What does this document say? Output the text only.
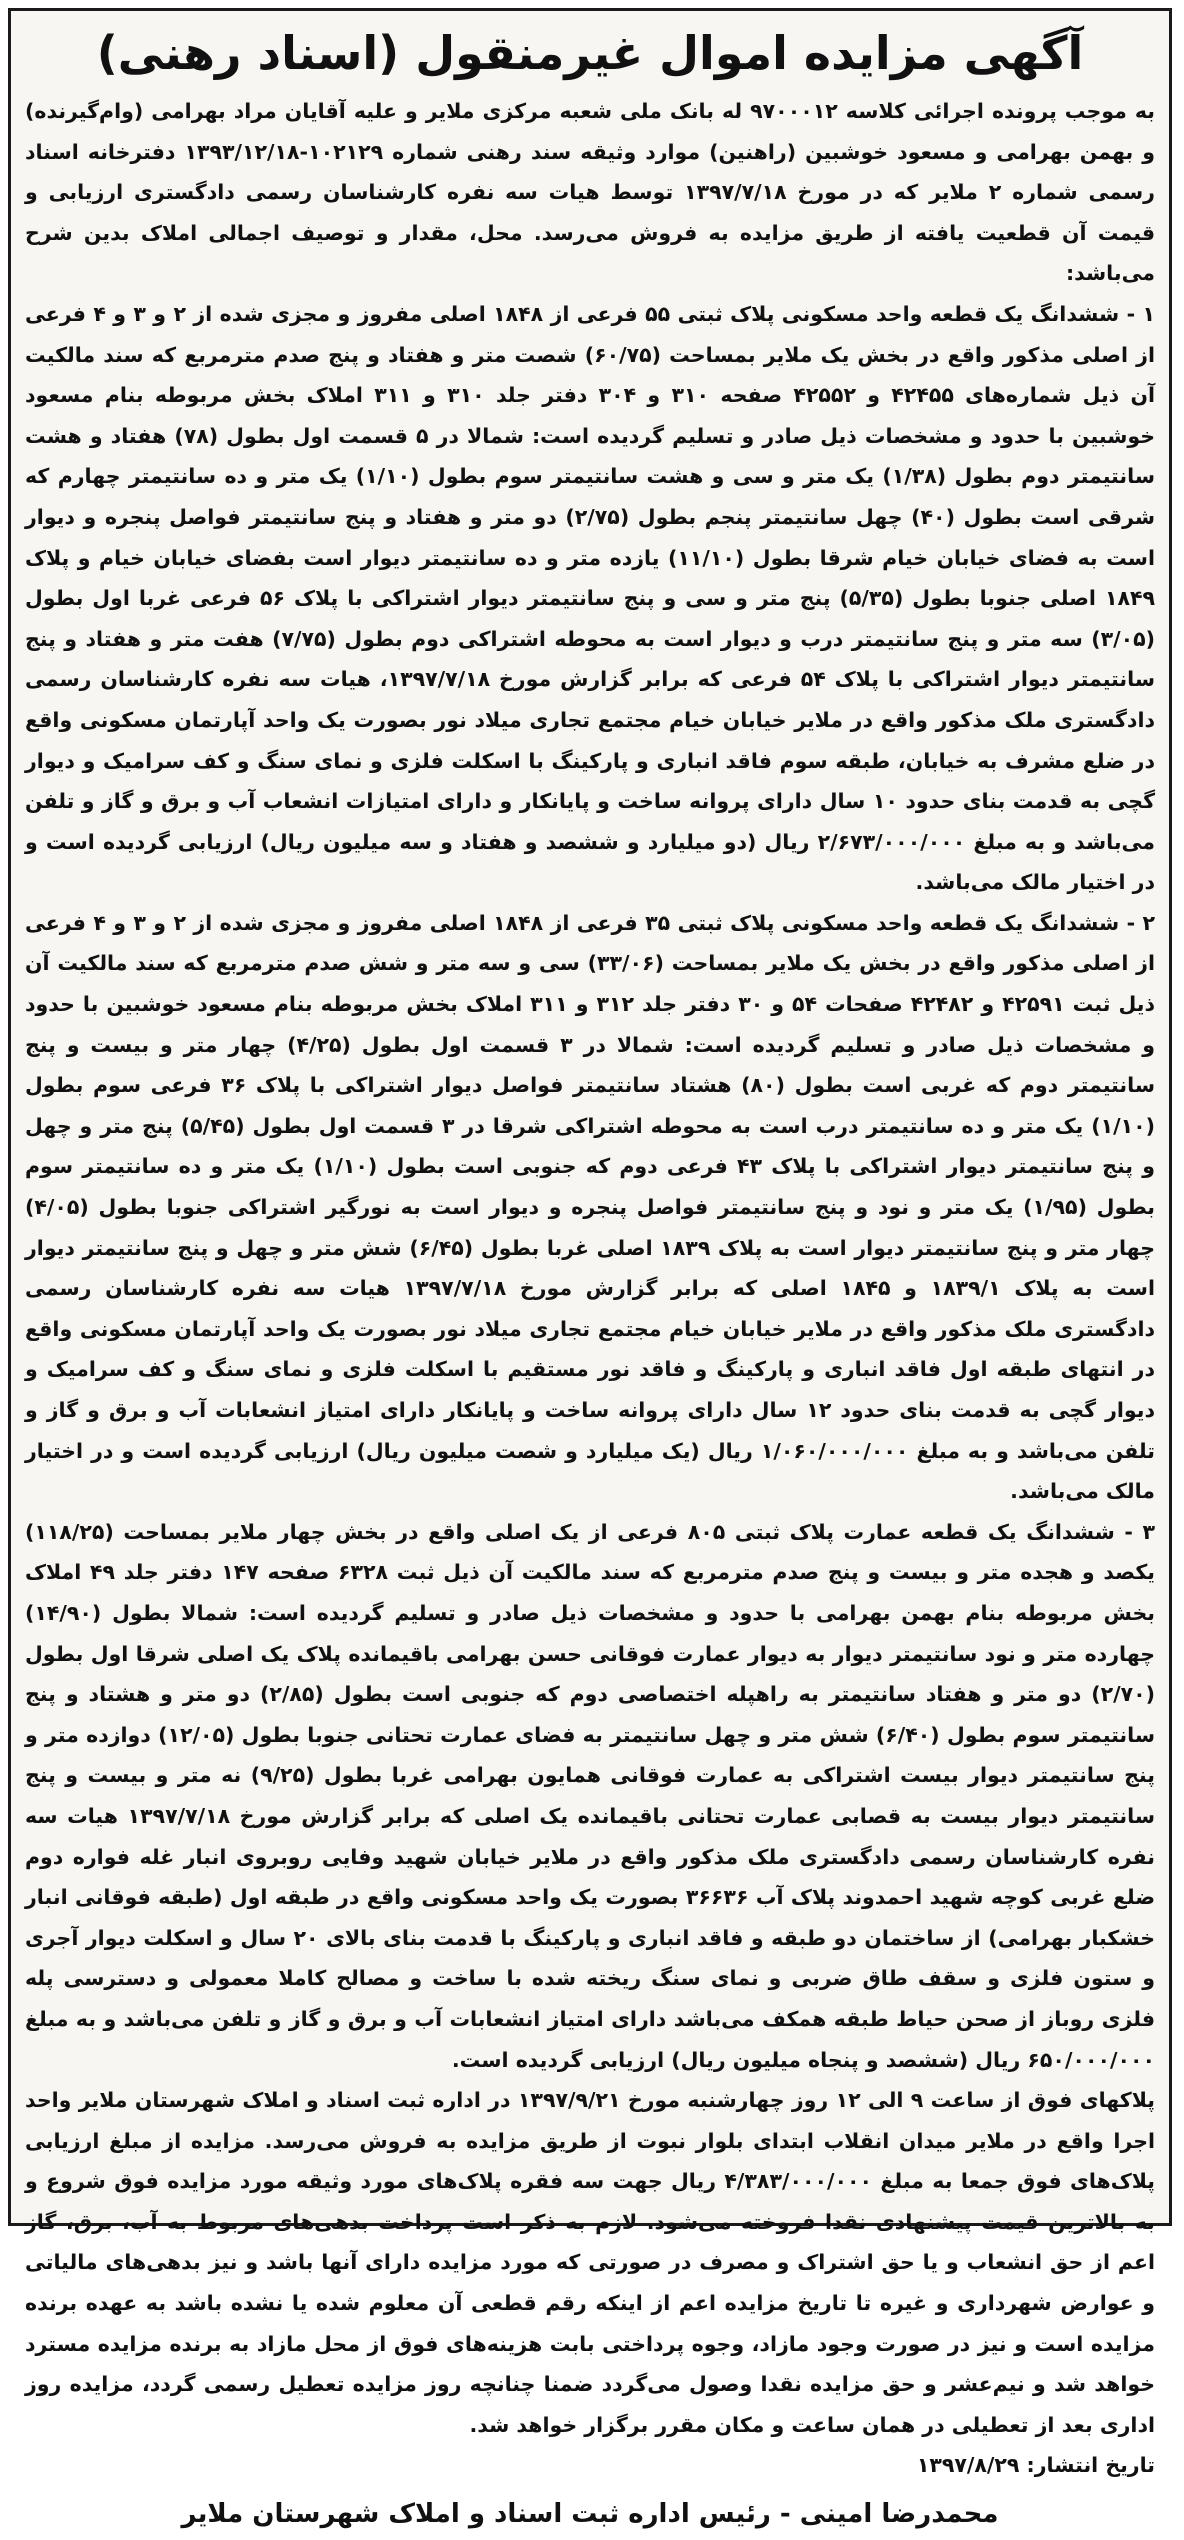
آگهی مزایده اموال غیرمنقول (اسناد رهنی)

به موجب پرونده اجرائی کلاسه ۹۷۰۰۰۱۲ له بانک ملی شعبه مرکزی ملایر و علیه آقایان مراد بهرامی (وام‌گیرنده) و بهمن بهرامی و مسعود خوشبین (راهنین) موارد وثیقه سند رهنی شماره ۱۰۲۱۲۹-۱۳۹۳/۱۲/۱۸ دفترخانه اسناد رسمی شماره ۲ ملایر که در مورخ ۱۳۹۷/۷/۱۸ توسط هیات سه نفره کارشناسان رسمی دادگستری ارزیابی و قیمت آن قطعیت یافته از طریق مزایده به فروش می‌رسد. محل، مقدار و توصیف اجمالی املاک بدین شرح می‌باشد:

۱ - ششدانگ یک قطعه واحد مسکونی پلاک ثبتی ۵۵ فرعی از ۱۸۴۸ اصلی مفروز و مجزی شده از ۲ و ۳ و ۴ فرعی از اصلی مذکور واقع در بخش یک ملایر بمساحت (۶۰/۷۵) شصت متر و هفتاد و پنج صدم مترمربع که سند مالکیت آن ذیل شماره‌های ۴۲۴۵۵ و ۴۲۵۵۲ صفحه ۳۱۰ و ۳۰۴ دفتر جلد ۳۱۰ و ۳۱۱ املاک بخش مربوطه بنام مسعود خوشبین با حدود و مشخصات ذیل صادر و تسلیم گردیده است: شمالا در ۵ قسمت اول بطول (۷۸) هفتاد و هشت سانتیمتر دوم بطول (۱/۳۸) یک متر و سی و هشت سانتیمتر سوم بطول (۱/۱۰) یک متر و ده سانتیمتر چهارم که شرقی است بطول (۴۰) چهل سانتیمتر پنجم بطول (۲/۷۵) دو متر و هفتاد و پنج سانتیمتر فواصل پنجره و دیوار است به فضای خیابان خیام شرقا بطول (۱۱/۱۰) یازده متر و ده سانتیمتر دیوار است بفضای خیابان خیام و پلاک ۱۸۴۹ اصلی جنوبا بطول (۵/۳۵) پنج متر و سی و پنج سانتیمتر دیوار اشتراکی با پلاک ۵۶ فرعی غربا اول بطول (۳/۰۵) سه متر و پنج سانتیمتر درب و دیوار است به محوطه اشتراکی دوم بطول (۷/۷۵) هفت متر و هفتاد و پنج سانتیمتر دیوار اشتراکی با پلاک ۵۴ فرعی که برابر گزارش مورخ ۱۳۹۷/۷/۱۸، هیات سه نفره کارشناسان رسمی دادگستری ملک مذکور واقع در ملایر خیابان خیام مجتمع تجاری میلاد نور بصورت یک واحد آپارتمان مسکونی واقع در ضلع مشرف به خیابان، طبقه سوم فاقد انباری و پارکینگ با اسکلت فلزی و نمای سنگ و کف سرامیک و دیوار گچی به قدمت بنای حدود ۱۰ سال دارای پروانه ساخت و پایانکار و دارای امتیازات انشعاب آب و برق و گاز و تلفن می‌باشد و به مبلغ ۲/۶۷۳/۰۰۰/۰۰۰ ریال (دو میلیارد و ششصد و هفتاد و سه میلیون ریال) ارزیابی گردیده است و در اختیار مالک می‌باشد.

۲ - ششدانگ یک قطعه واحد مسکونی پلاک ثبتی ۳۵ فرعی از ۱۸۴۸ اصلی مفروز و مجزی شده از ۲ و ۳ و ۴ فرعی از اصلی مذکور واقع در بخش یک ملایر بمساحت (۳۳/۰۶) سی و سه متر و شش صدم مترمربع که سند مالکیت آن ذیل ثبت ۴۲۵۹۱ و ۴۲۴۸۲ صفحات ۵۴ و ۳۰ دفتر جلد ۳۱۲ و ۳۱۱ املاک بخش مربوطه بنام مسعود خوشبین با حدود و مشخصات ذیل صادر و تسلیم گردیده است: شمالا در ۳ قسمت اول بطول (۴/۲۵) چهار متر و بیست و پنج سانتیمتر دوم که غربی است بطول (۸۰) هشتاد سانتیمتر فواصل دیوار اشتراکی با پلاک ۳۶ فرعی سوم بطول (۱/۱۰) یک متر و ده سانتیمتر درب است به محوطه اشتراکی شرقا در ۳ قسمت اول بطول (۵/۴۵) پنج متر و چهل و پنج سانتیمتر دیوار اشتراکی با پلاک ۴۳ فرعی دوم که جنوبی است بطول (۱/۱۰) یک متر و ده سانتیمتر سوم بطول (۱/۹۵) یک متر و نود و پنج سانتیمتر فواصل پنجره و دیوار است به نورگیر اشتراکی جنوبا بطول (۴/۰۵) چهار متر و پنج سانتیمتر دیوار است به پلاک ۱۸۳۹ اصلی غربا بطول (۶/۴۵) شش متر و چهل و پنج سانتیمتر دیوار است به پلاک ۱۸۳۹/۱ و ۱۸۴۵ اصلی که برابر گزارش مورخ ۱۳۹۷/۷/۱۸ هیات سه نفره کارشناسان رسمی دادگستری ملک مذکور واقع در ملایر خیابان خیام مجتمع تجاری میلاد نور بصورت یک واحد آپارتمان مسکونی واقع در انتهای طبقه اول فاقد انباری و پارکینگ و فاقد نور مستقیم با اسکلت فلزی و نمای سنگ و کف سرامیک و دیوار گچی به قدمت بنای حدود ۱۲ سال دارای پروانه ساخت و پایانکار دارای امتیاز انشعابات آب و برق و گاز و تلفن می‌باشد و به مبلغ ۱/۰۶۰/۰۰۰/۰۰۰ ریال (یک میلیارد و شصت میلیون ریال) ارزیابی گردیده است و در اختیار مالک می‌باشد.

۳ - ششدانگ یک قطعه عمارت پلاک ثبتی ۸۰۵ فرعی از یک اصلی واقع در بخش چهار ملایر بمساحت (۱۱۸/۲۵) یکصد و هجده متر و بیست و پنج صدم مترمربع که سند مالکیت آن ذیل ثبت ۶۳۲۸ صفحه ۱۴۷ دفتر جلد ۴۹ املاک بخش مربوطه بنام بهمن بهرامی با حدود و مشخصات ذیل صادر و تسلیم گردیده است: شمالا بطول (۱۴/۹۰) چهارده متر و نود سانتیمتر دیوار به دیوار عمارت فوقانی حسن بهرامی باقیمانده پلاک یک اصلی شرقا اول بطول (۲/۷۰) دو متر و هفتاد سانتیمتر به راهپله اختصاصی دوم که جنوبی است بطول (۲/۸۵) دو متر و هشتاد و پنج سانتیمتر سوم بطول (۶/۴۰) شش متر و چهل سانتیمتر به فضای عمارت تحتانی جنوبا بطول (۱۲/۰۵) دوازده متر و پنج سانتیمتر دیوار بیست اشتراکی به عمارت فوقانی همایون بهرامی غربا بطول (۹/۲۵) نه متر و بیست و پنج سانتیمتر دیوار بیست به قصابی عمارت تحتانی باقیمانده یک اصلی که برابر گزارش مورخ ۱۳۹۷/۷/۱۸ هیات سه نفره کارشناسان رسمی دادگستری ملک مذکور واقع در ملایر خیابان شهید وفایی روبروی انبار غله فواره دوم ضلع غربی کوچه شهید احمدوند پلاک آب ۳۶۶۳۶ بصورت یک واحد مسکونی واقع در طبقه اول (طبقه فوقانی انبار خشکبار بهرامی) از ساختمان دو طبقه و فاقد انباری و پارکینگ با قدمت بنای بالای ۲۰ سال و اسکلت دیوار آجری و ستون فلزی و سقف طاق ضربی و نمای سنگ ریخته شده با ساخت و مصالح کاملا معمولی و دسترسی پله فلزی روباز از صحن حیاط طبقه همکف می‌باشد دارای امتیاز انشعابات آب و برق و گاز و تلفن می‌باشد و به مبلغ ۶۵۰/۰۰۰/۰۰۰ ریال (ششصد و پنجاه میلیون ریال) ارزیابی گردیده است.

پلاکهای فوق از ساعت ۹ الی ۱۲ روز چهارشنبه مورخ ۱۳۹۷/۹/۲۱ در اداره ثبت اسناد و املاک شهرستان ملایر واحد اجرا واقع در ملایر میدان انقلاب ابتدای بلوار نبوت از طریق مزایده به فروش می‌رسد. مزایده از مبلغ ارزیابی پلاک‌های فوق جمعا به مبلغ ۴/۳۸۳/۰۰۰/۰۰۰ ریال جهت سه فقره پلاک‌های مورد وثیقه مورد مزایده فوق شروع و به بالاترین قیمت پیشنهادی نقدا فروخته می‌شود. لازم به ذکر است پرداخت بدهی‌های مربوط به آب، برق، گاز اعم از حق انشعاب و یا حق اشتراک و مصرف در صورتی که مورد مزایده دارای آنها باشد و نیز بدهی‌های مالیاتی و عوارض شهرداری و غیره تا تاریخ مزایده اعم از اینکه رقم قطعی آن معلوم شده یا نشده باشد به عهده برنده مزایده است و نیز در صورت وجود مازاد، وجوه پرداختی بابت هزینه‌های فوق از محل مازاد به برنده مزایده مسترد خواهد شد و نیم‌عشر و حق مزایده نقدا وصول می‌گردد ضمنا چنانچه روز مزایده تعطیل رسمی گردد، مزایده روز اداری بعد از تعطیلی در همان ساعت و مکان مقرر برگزار خواهد شد.

تاریخ انتشار: ۱۳۹۷/۸/۲۹

محمدرضا امینی - رئیس اداره ثبت اسناد و املاک شهرستان ملایر
